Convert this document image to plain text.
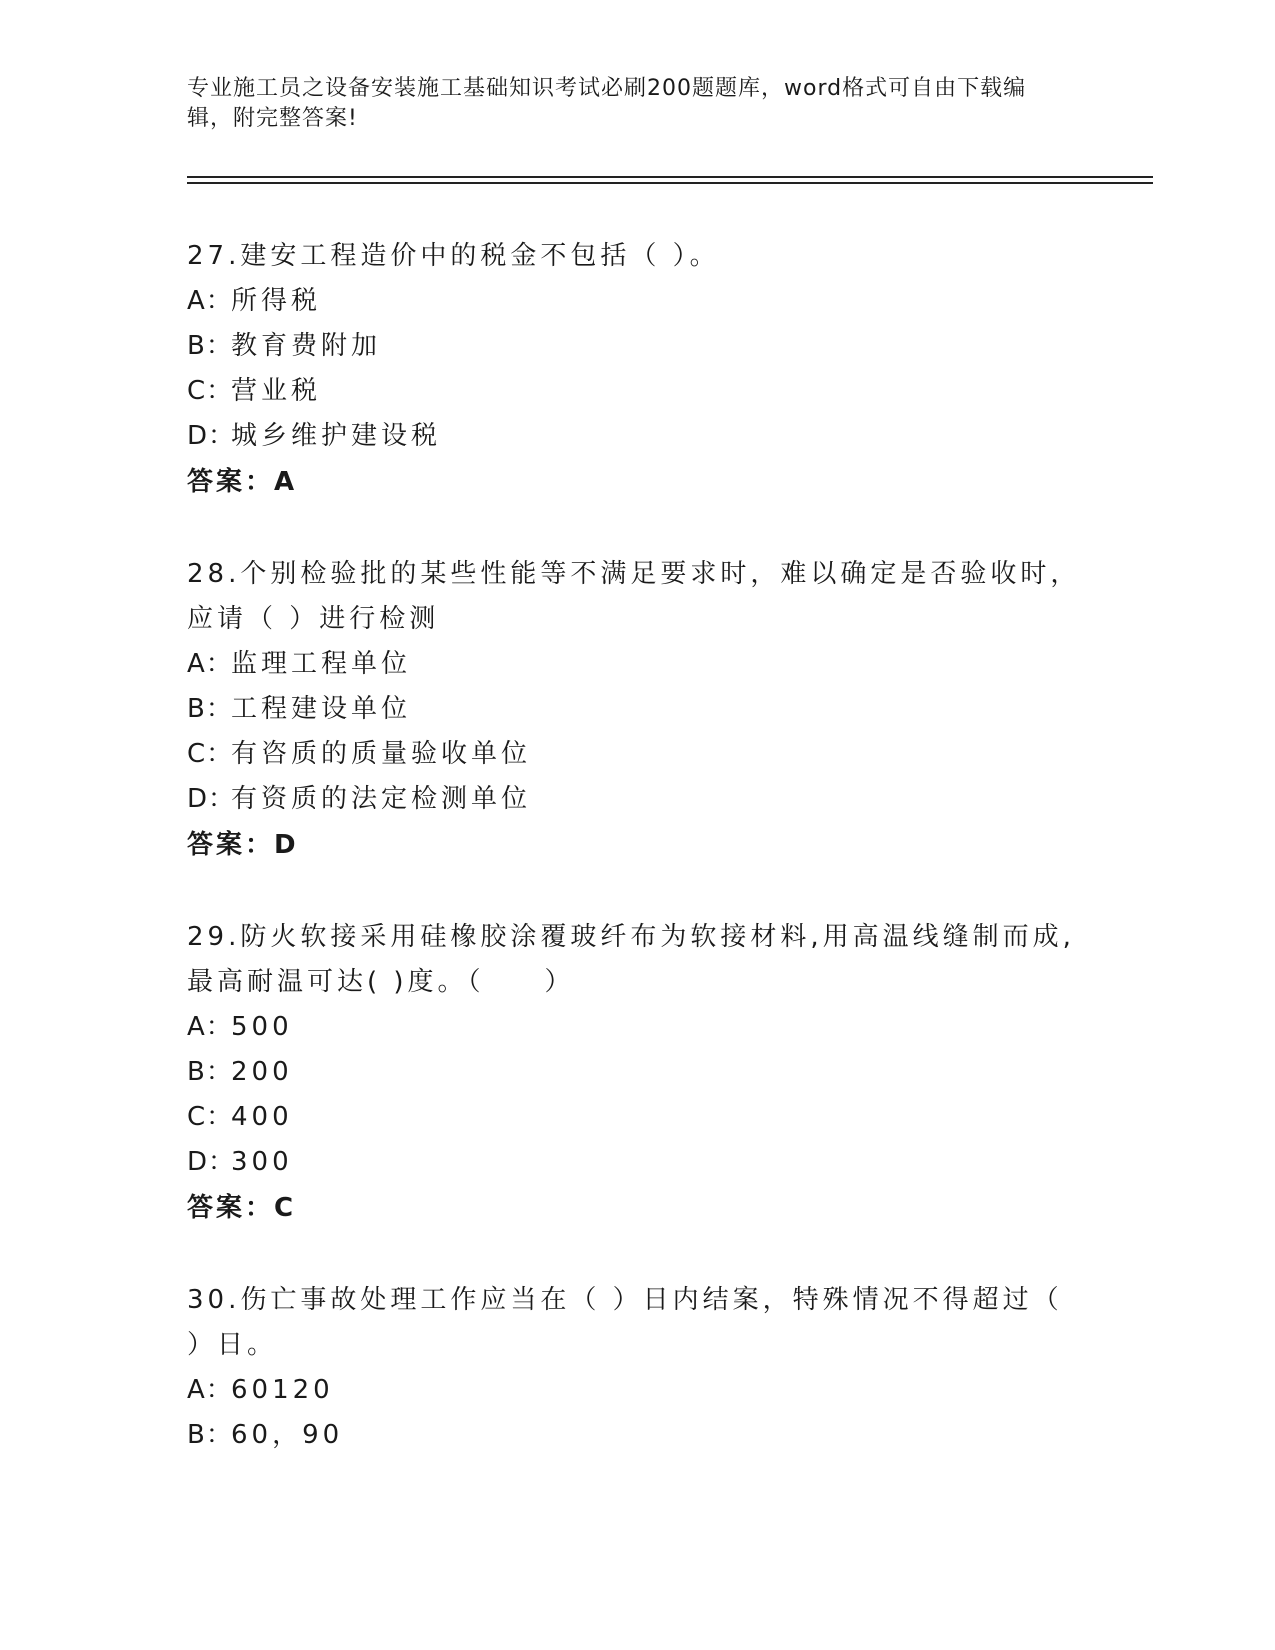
专业施工员之设备安装施工基础知识考试必刷200题题库，word格式可自由下载编辑，附完整答案!

27.建安工程造价中的税金不包括（ ）。

A：所得税

B：教育费附加

C：营业税

D：城乡维护建设税

答案：A

28.个别检验批的某些性能等不满足要求时，难以确定是否验收时，应请（ ）进行检测

A：监理工程单位

B：工程建设单位

C：有咨质的质量验收单位

D：有资质的法定检测单位

答案：D

29.防火软接采用硅橡胶涂覆玻纤布为软接材料,用高温线缝制而成,最高耐温可达( )度。（　　）

A：500

B：200

C：400

D：300

答案：C

30.伤亡事故处理工作应当在（ ）日内结案，特殊情况不得超过（ ）日。

A：60120

B：60，90
